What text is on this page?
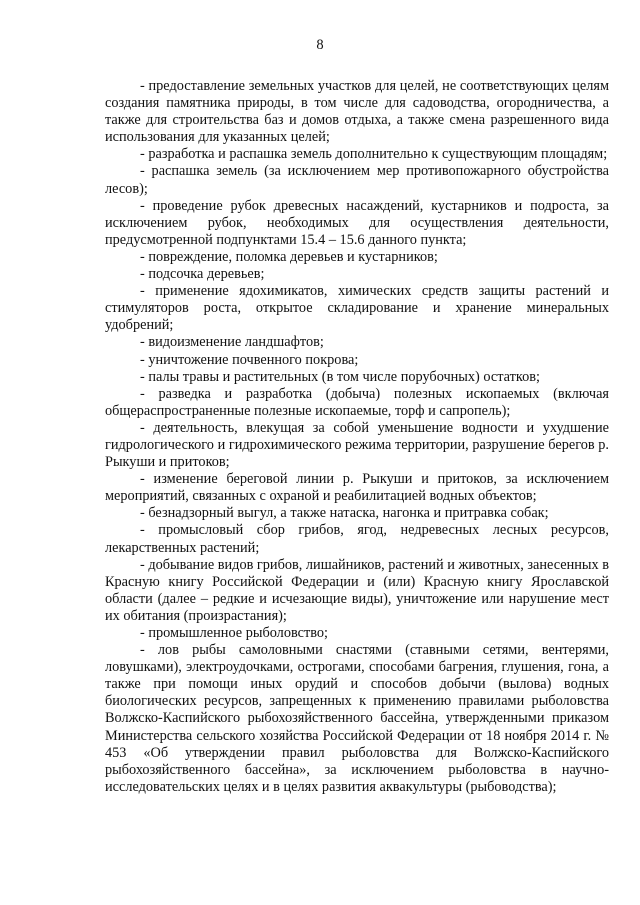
8

- предоставление земельных участков для целей, не соответствующих целям создания памятника природы, в том числе для садоводства, огородничества, а также для строительства баз и домов отдыха, а также смена разрешенного вида использования для указанных целей;

- разработка и распашка земель дополнительно к существующим площадям;

- распашка земель (за исключением мер противопожарного обустройства лесов);

- проведение рубок древесных насаждений, кустарников и подроста, за исключением рубок, необходимых для осуществления деятельности, предусмотренной подпунктами 15.4 – 15.6 данного пункта;

- повреждение, поломка деревьев и кустарников;

- подсочка деревьев;

- применение ядохимикатов, химических средств защиты растений и стимуляторов роста, открытое складирование и хранение минеральных удобрений;

- видоизменение ландшафтов;

- уничтожение почвенного покрова;

- палы травы и растительных (в том числе порубочных) остатков;

- разведка и разработка (добыча) полезных ископаемых (включая общераспространенные полезные ископаемые, торф и сапропель);

- деятельность, влекущая за собой уменьшение водности и ухудшение гидрологического и гидрохимического режима территории, разрушение берегов р. Рыкуши и притоков;

- изменение береговой линии р. Рыкуши и притоков, за исключением мероприятий, связанных с охраной и реабилитацией водных объектов;

- безнадзорный выгул, а также натаска, нагонка и притравка собак;

- промысловый сбор грибов, ягод, недревесных лесных ресурсов, лекарственных растений;

- добывание видов грибов, лишайников, растений и животных, занесенных в Красную книгу Российской Федерации и (или) Красную книгу Ярославской области (далее – редкие и исчезающие виды), уничтожение или нарушение мест их обитания (произрастания);

- промышленное рыболовство;

- лов рыбы самоловными снастями (ставными сетями, вентерями, ловушками), электроудочками, острогами, способами багрения, глушения, гона, а также при помощи иных орудий и способов добычи (вылова) водных биологических ресурсов, запрещенных к применению правилами рыболовства Волжско-Каспийского рыбохозяйственного бассейна, утвержденными приказом Министерства сельского хозяйства Российской Федерации от 18 ноября 2014 г. № 453 «Об утверждении правил рыболовства для Волжско-Каспийского рыбохозяйственного бассейна», за исключением рыболовства в научно-исследовательских целях и в целях развития аквакультуры (рыбоводства);
